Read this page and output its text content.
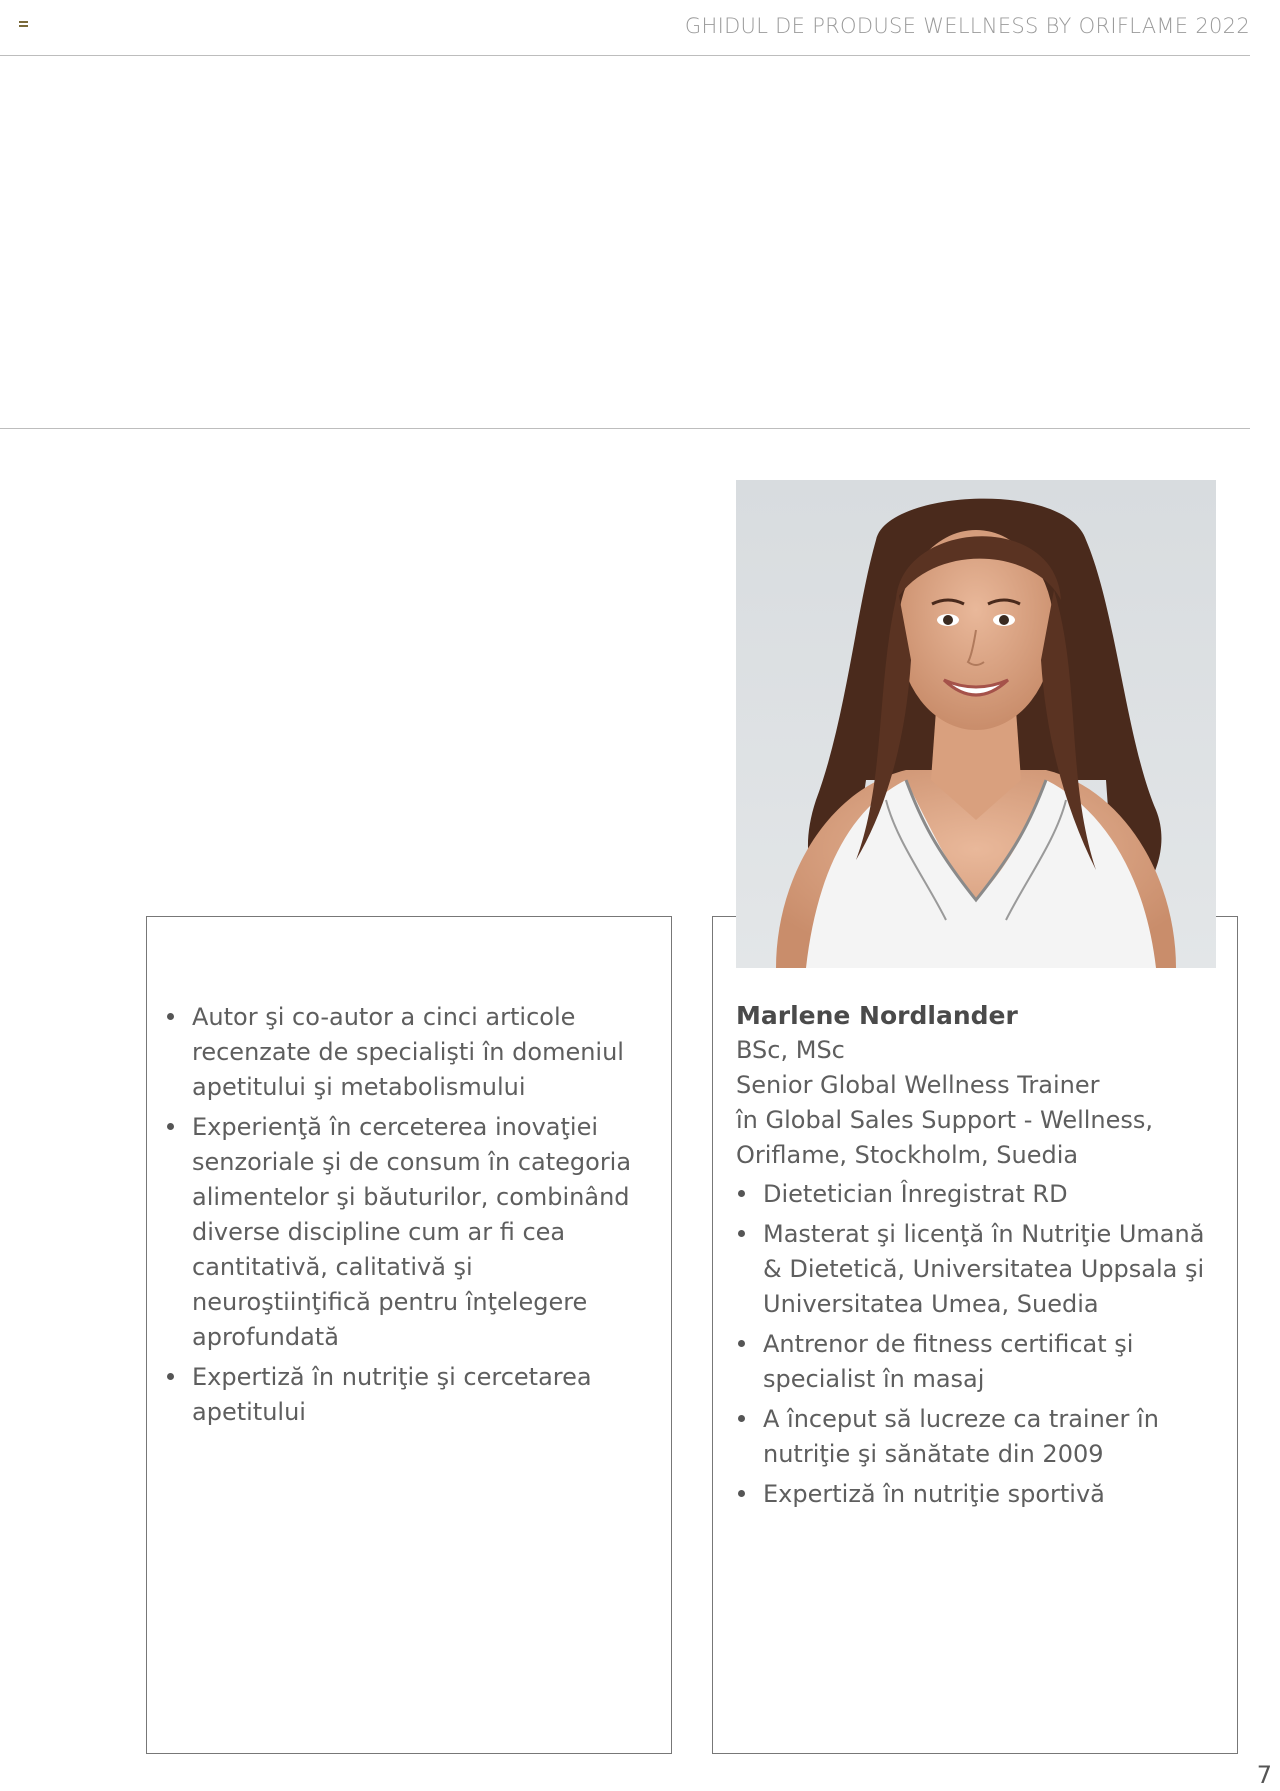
GHIDUL DE PRODUSE WELLNESS BY ORIFLAME 2022
Autor şi co-autor a cinci articole recenzate de specialişti în domeniul apetitului şi metabolismului
Experienţă în cerceterea inovaţiei senzoriale şi de consum în categoria alimentelor şi băuturilor, combinând diverse discipline cum ar fi cea cantitativă, calitativă şi neuroştiinţifică pentru înţelegere aprofundată
Expertiză în nutriţie şi cercetarea apetitului
Marlene Nordlander
BSc, MSc
Senior Global Wellness Trainer
în Global Sales Support - Wellness,
Oriflame, Stockholm, Suedia
Dietetician Înregistrat RD
Masterat şi licenţă în Nutriţie Umană & Dietetică, Universitatea Uppsala şi Universitatea Umea, Suedia
Antrenor de fitness certificat şi specialist în masaj
A început să lucreze ca trainer în nutriţie şi sănătate din 2009
Expertiză în nutriţie sportivă
7
